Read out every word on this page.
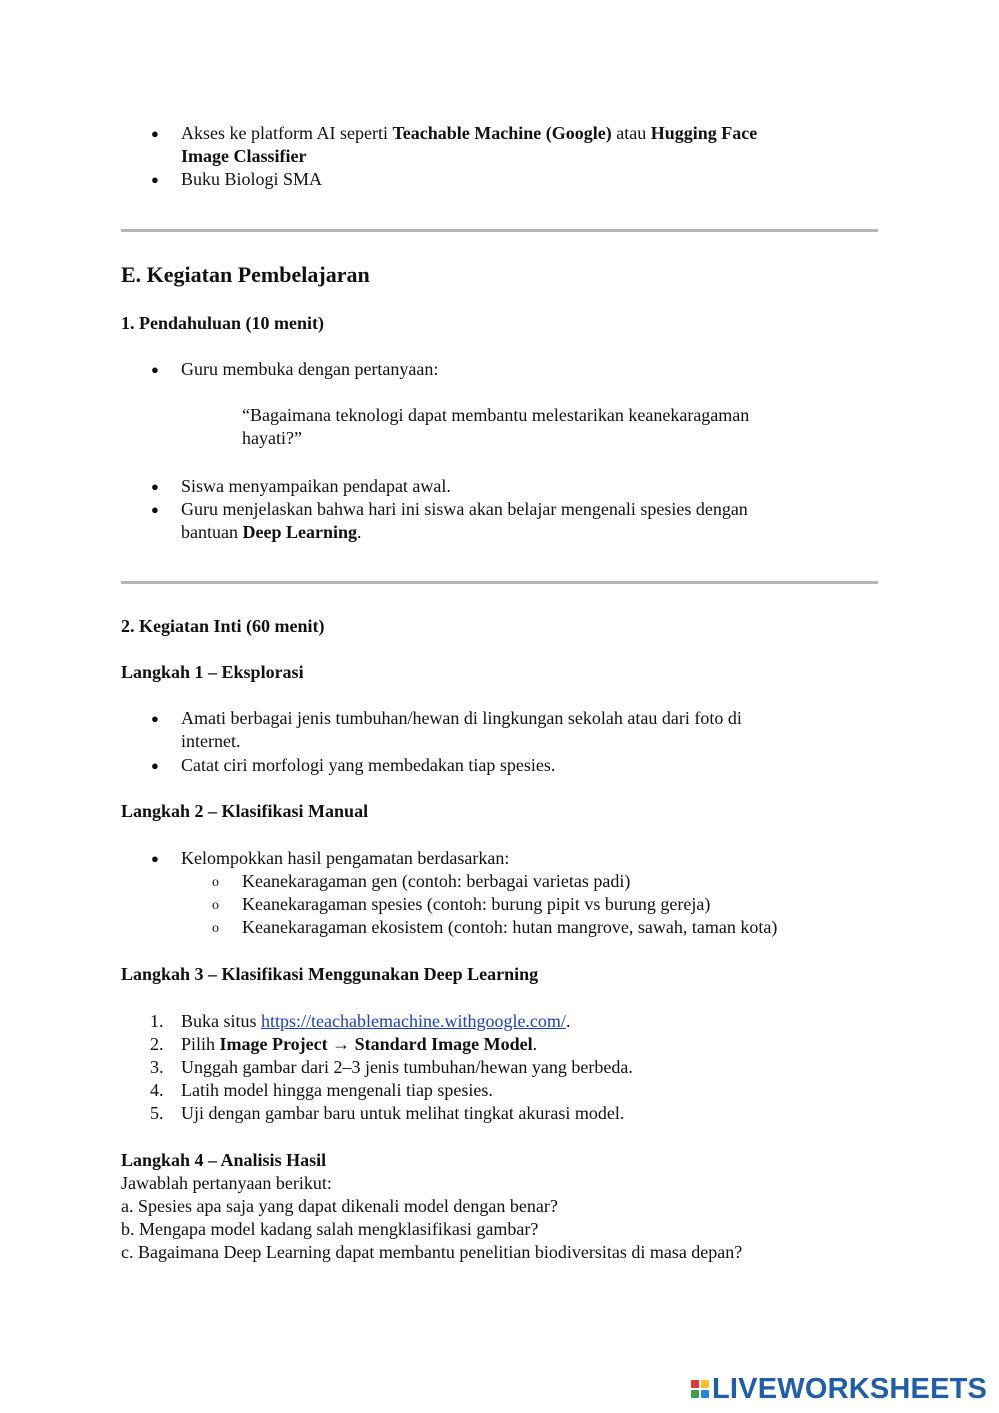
● Akses ke platform AI seperti Teachable Machine (Google) atau Hugging Face
Image Classifier
● Buku Biologi SMA
E. Kegiatan Pembelajaran
1. Pendahuluan (10 menit)
● Guru membuka dengan pertanyaan:
“Bagaimana teknologi dapat membantu melestarikan keanekaragaman
hayati?”
● Siswa menyampaikan pendapat awal.
● Guru menjelaskan bahwa hari ini siswa akan belajar mengenali spesies dengan
bantuan Deep Learning.
2. Kegiatan Inti (60 menit)
Langkah 1 – Eksplorasi
● Amati berbagai jenis tumbuhan/hewan di lingkungan sekolah atau dari foto di
internet.
● Catat ciri morfologi yang membedakan tiap spesies.
Langkah 2 – Klasifikasi Manual
● Kelompokkan hasil pengamatan berdasarkan:
o Keanekaragaman gen (contoh: berbagai varietas padi)
o Keanekaragaman spesies (contoh: burung pipit vs burung gereja)
o Keanekaragaman ekosistem (contoh: hutan mangrove, sawah, taman kota)
Langkah 3 – Klasifikasi Menggunakan Deep Learning
1. Buka situs https://teachablemachine.withgoogle.com/.
2. Pilih Image Project → Standard Image Model.
3. Unggah gambar dari 2–3 jenis tumbuhan/hewan yang berbeda.
4. Latih model hingga mengenali tiap spesies.
5. Uji dengan gambar baru untuk melihat tingkat akurasi model.
Langkah 4 – Analisis Hasil
Jawablah pertanyaan berikut:
a. Spesies apa saja yang dapat dikenali model dengan benar?
b. Mengapa model kadang salah mengklasifikasi gambar?
c. Bagaimana Deep Learning dapat membantu penelitian biodiversitas di masa depan?
LIVEWORKSHEETS
